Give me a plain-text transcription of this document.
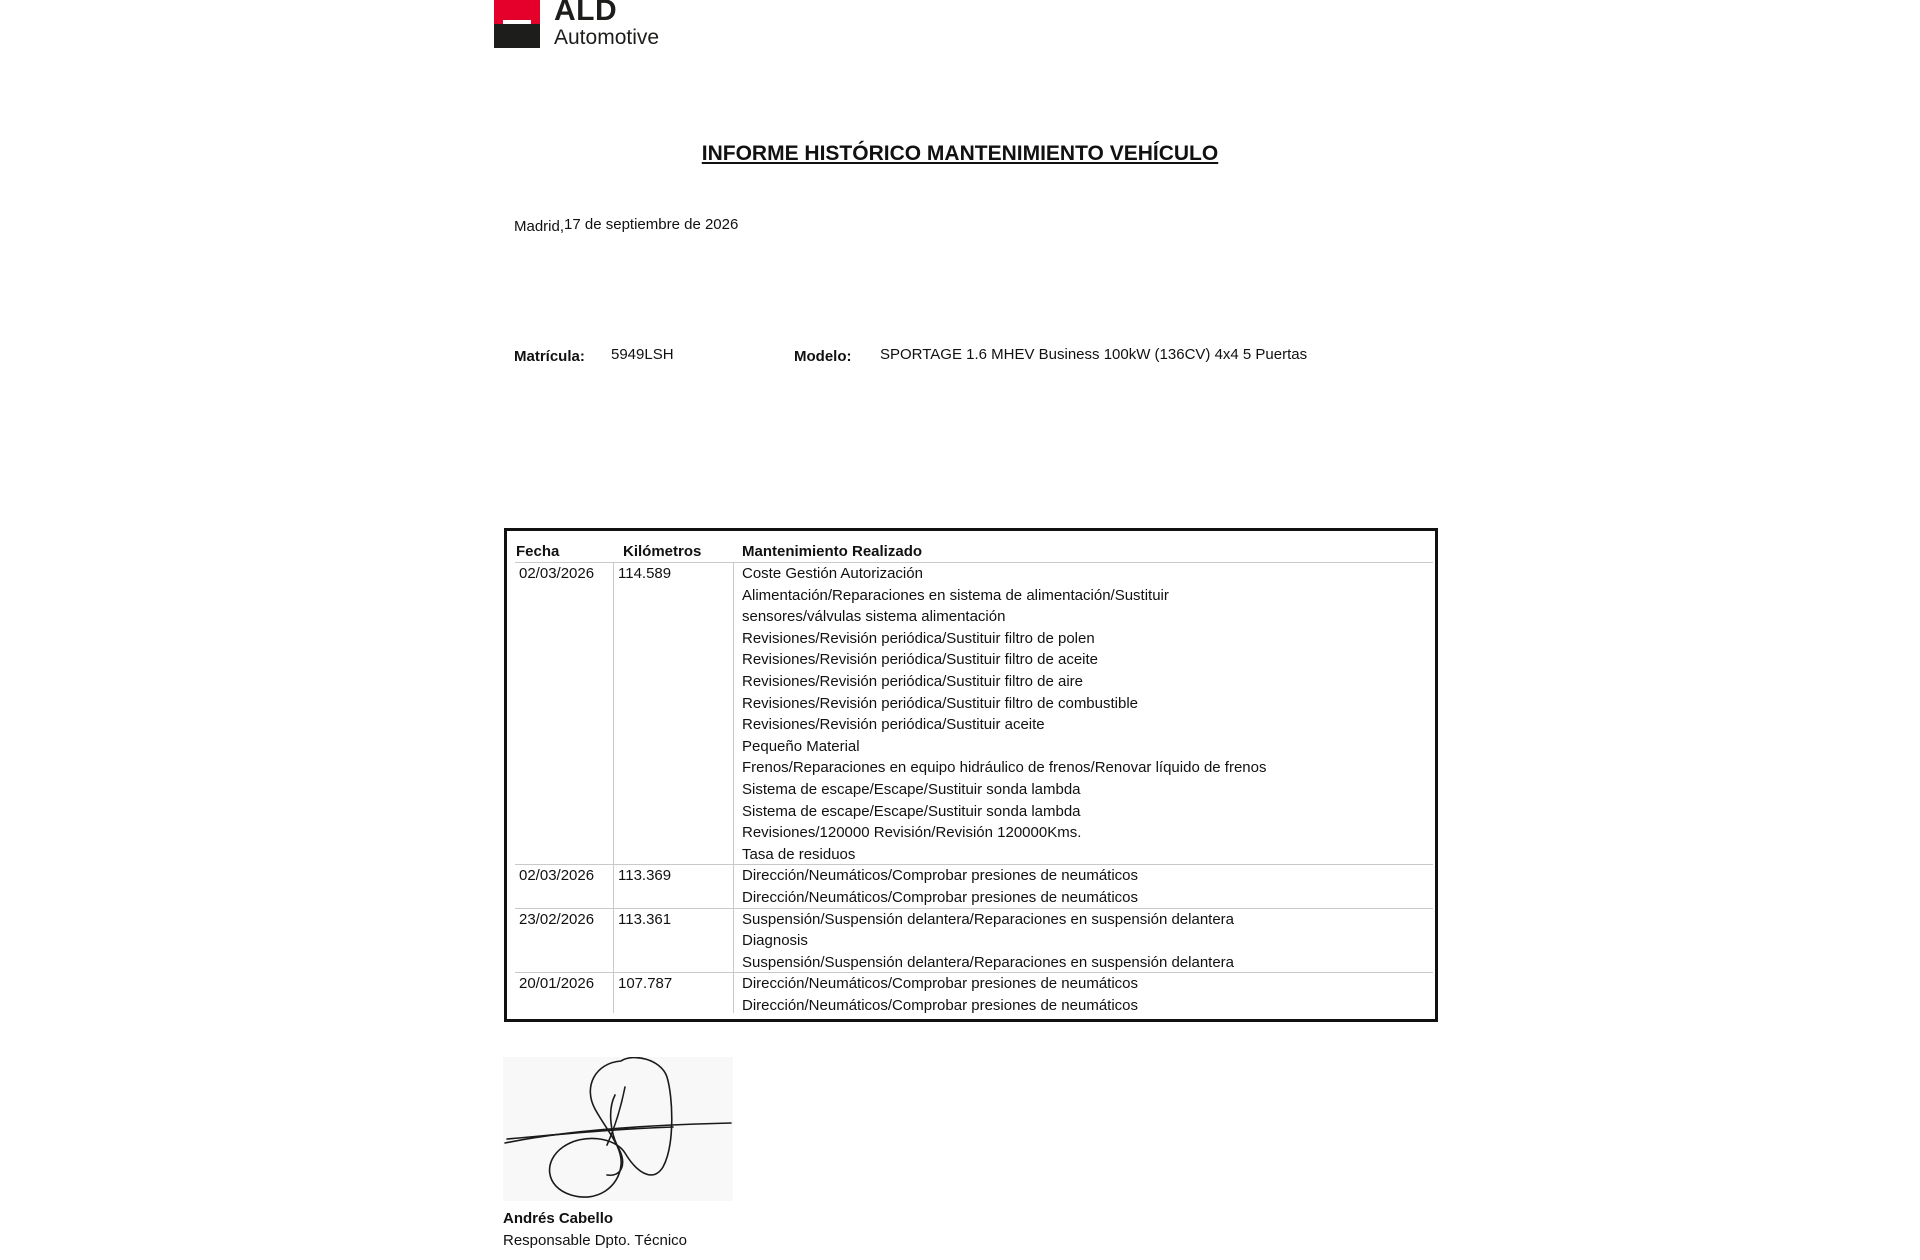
ALD
Automotive
INFORME HISTÓRICO MANTENIMIENTO VEHÍCULO
Madrid,17 de septiembre de 2026
Matrícula: 5949LSH	Modelo: SPORTAGE 1.6 MHEV Business 100kW (136CV) 4x4 5 Puertas
Fecha	Kilómetros	Mantenimiento Realizado
02/03/2026 114.589	Coste Gestión Autorización
Alimentación/Reparaciones en sistema de alimentación/Sustituir
sensores/válvulas sistema alimentación
Revisiones/Revisión periódica/Sustituir filtro de polen
Revisiones/Revisión periódica/Sustituir filtro de aceite
Revisiones/Revisión periódica/Sustituir filtro de aire
Revisiones/Revisión periódica/Sustituir filtro de combustible
Revisiones/Revisión periódica/Sustituir aceite
Pequeño Material
Frenos/Reparaciones en equipo hidráulico de frenos/Renovar líquido de frenos
Sistema de escape/Escape/Sustituir sonda lambda
Sistema de escape/Escape/Sustituir sonda lambda
Revisiones/120000 Revisión/Revisión 120000Kms.
Tasa de residuos
02/03/2026 113.369	Dirección/Neumáticos/Comprobar presiones de neumáticos
Dirección/Neumáticos/Comprobar presiones de neumáticos
23/02/2026 113.361	Suspensión/Suspensión delantera/Reparaciones en suspensión delantera
Diagnosis
Suspensión/Suspensión delantera/Reparaciones en suspensión delantera
20/01/2026 107.787	Dirección/Neumáticos/Comprobar presiones de neumáticos
Dirección/Neumáticos/Comprobar presiones de neumáticos
Andrés Cabello
Responsable Dpto. Técnico
